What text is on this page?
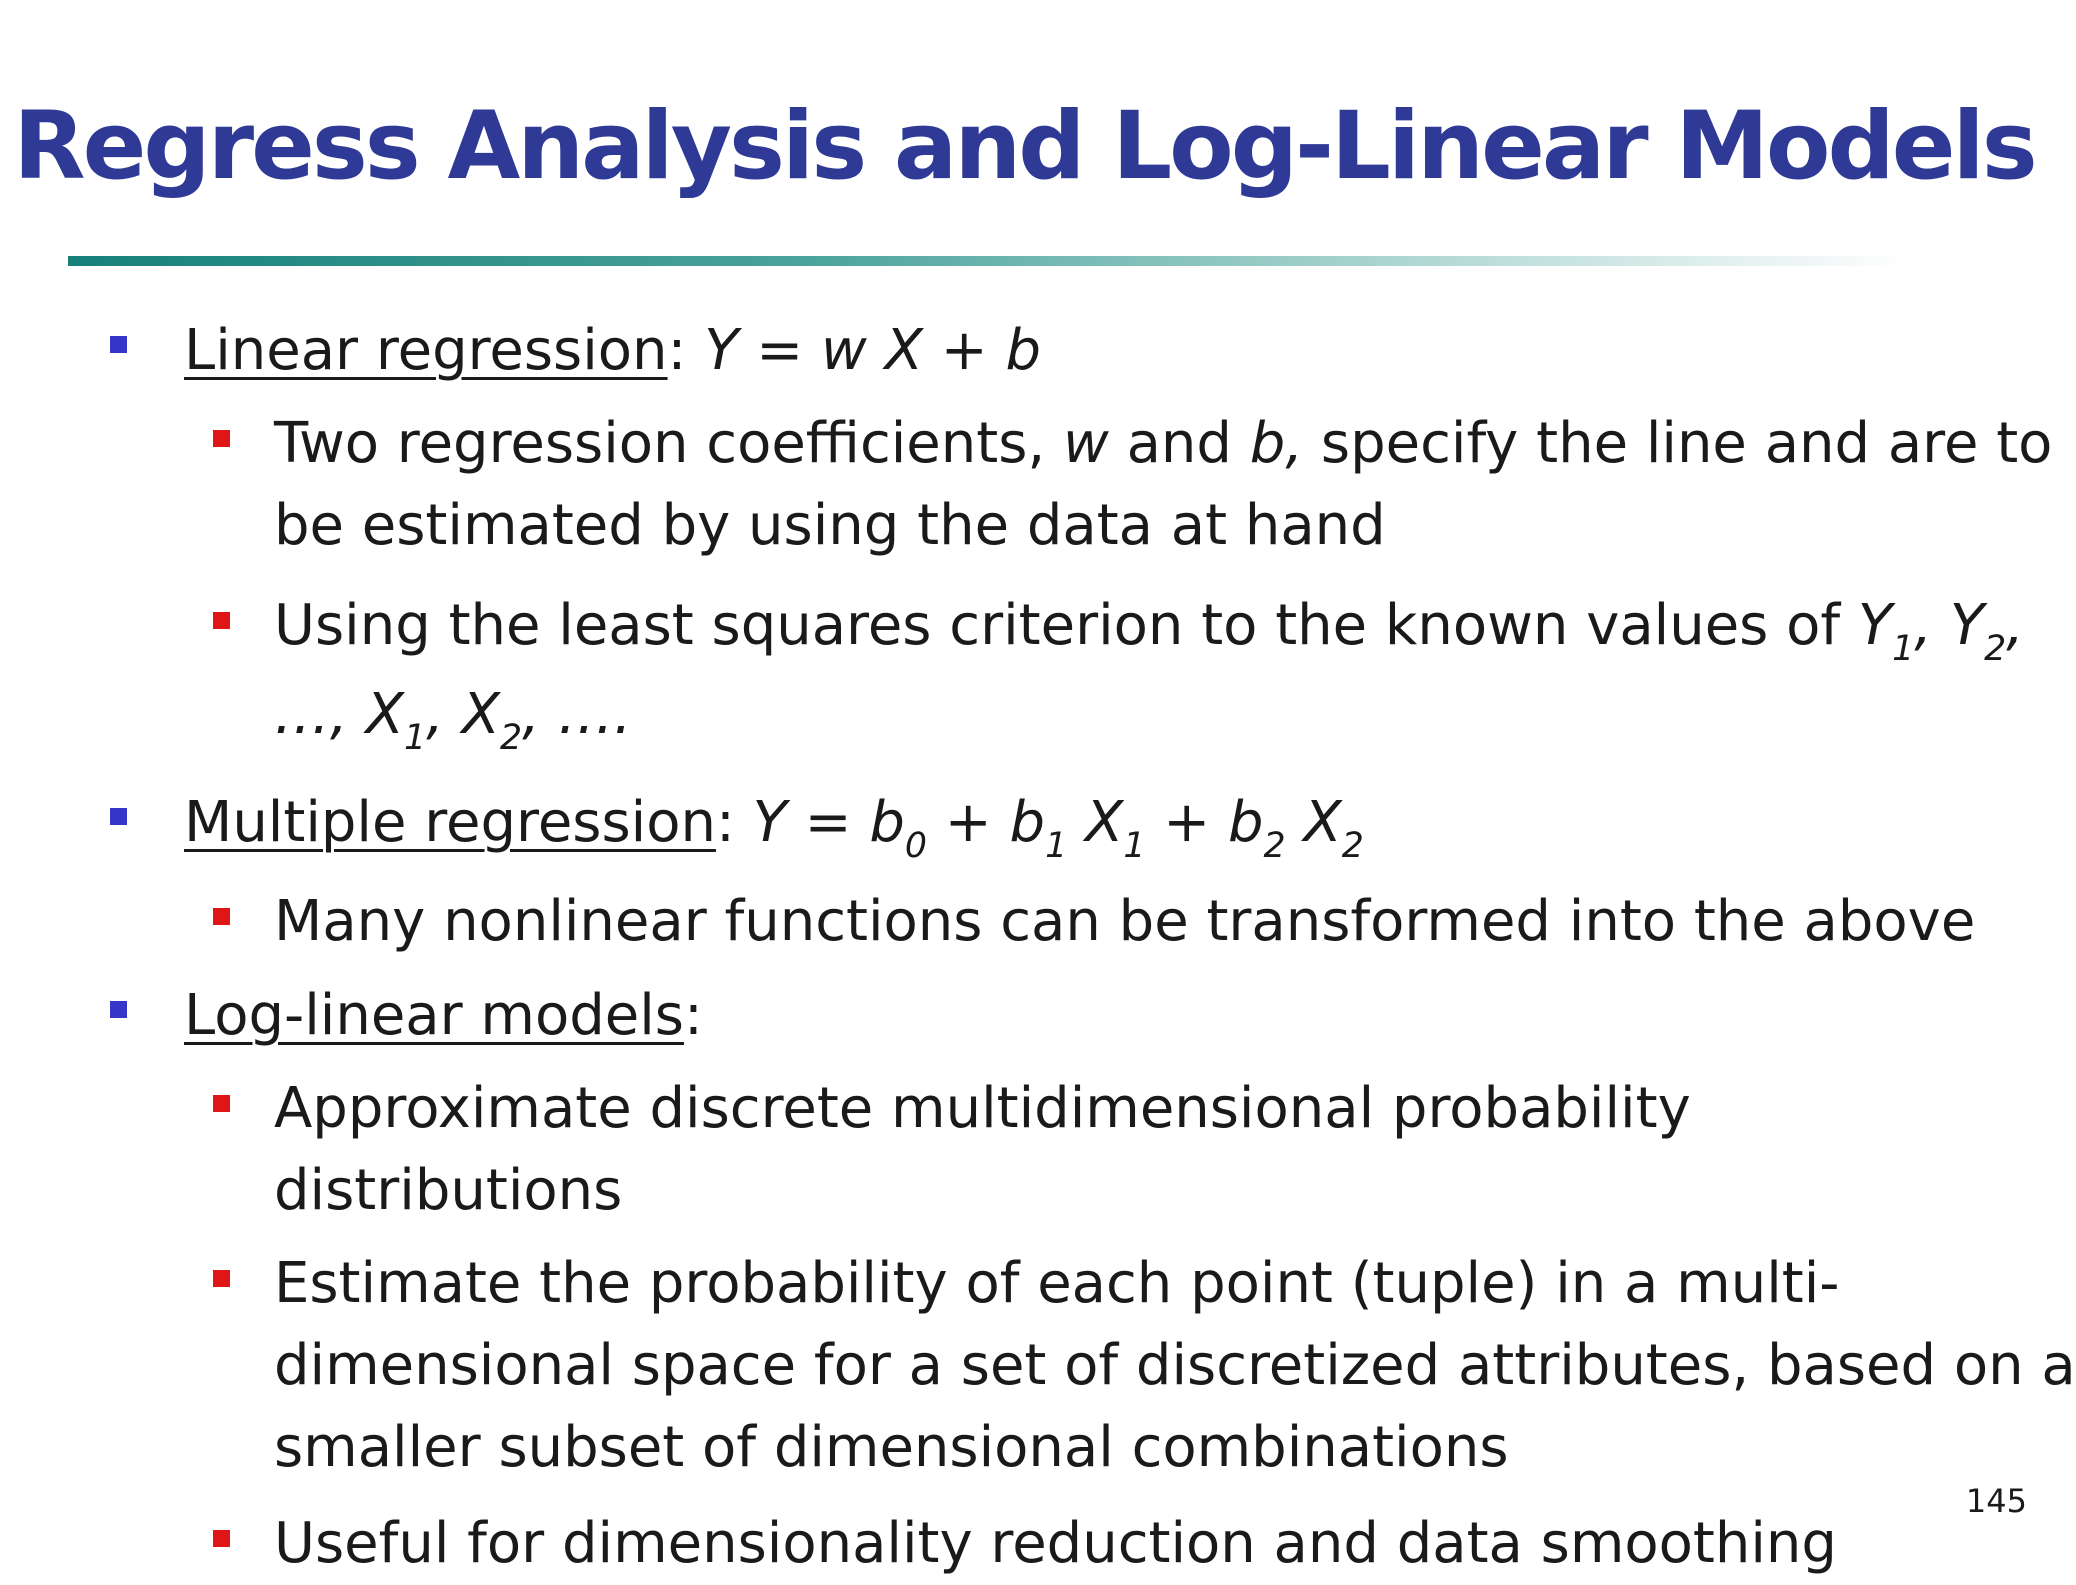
Regress Analysis and Log-Linear Models
Linear regression: Y = w X + b
Two regression coefficients, w and b, specify the line and are to
be estimated by using the data at hand
Using the least squares criterion to the known values of $Y_1$, $Y_2$,
…, $X_1$, $X_2$, ….
Multiple regression: $Y = b_0 + b_1$ $X_1 + b_2$ $X_2$
Many nonlinear functions can be transformed into the above
Log-linear models:
Approximate discrete multidimensional probability
distributions
Estimate the probability of each point (tuple) in a multi-
dimensional space for a set of discretized attributes, based on a
smaller subset of dimensional combinations
Useful for dimensionality reduction and data smoothing
145
